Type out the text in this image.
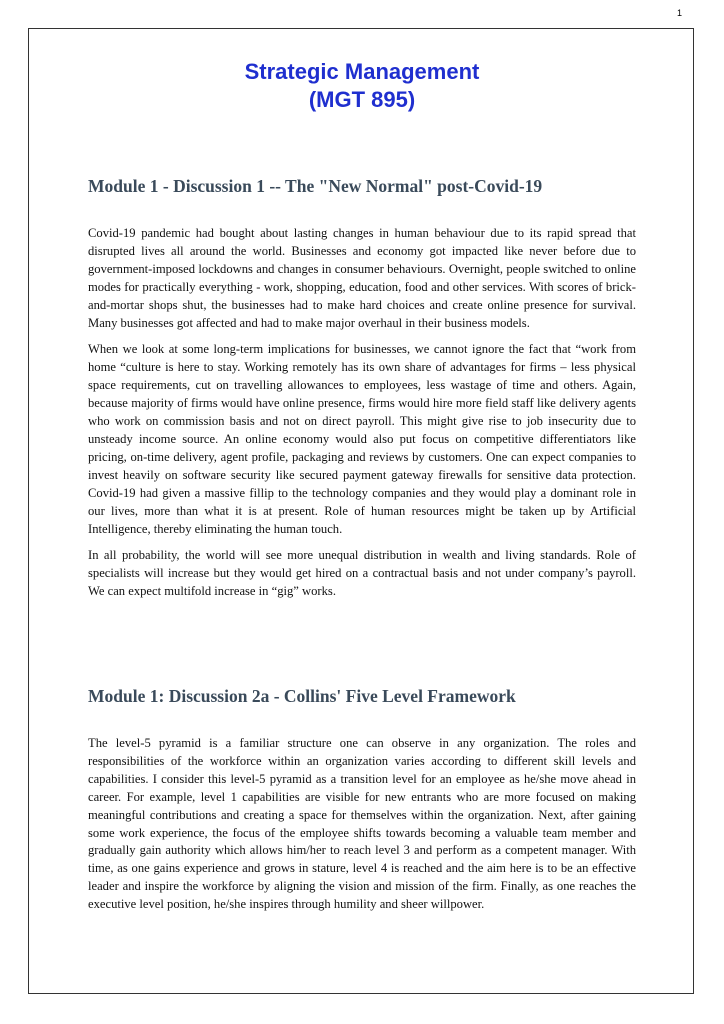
1
Strategic Management
(MGT 895)
Module 1 - Discussion 1 -- The "New Normal" post-Covid-19

Covid-19 pandemic had bought about lasting changes in human behaviour due to its rapid spread that disrupted lives all around the world. Businesses and economy got impacted like never before due to government-imposed lockdowns and changes in consumer behaviours. Overnight, people switched to online modes for practically everything - work, shopping, education, food and other services. With scores of brick-and-mortar shops shut, the businesses had to make hard choices and create online presence for survival. Many businesses got affected and had to make major overhaul in their business models.

When we look at some long-term implications for businesses, we cannot ignore the fact that “work from home “culture is here to stay. Working remotely has its own share of advantages for firms – less physical space requirements, cut on travelling allowances to employees, less wastage of time and others. Again, because majority of firms would have online presence, firms would hire more field staff like delivery agents who work on commission basis and not on direct payroll. This might give rise to job insecurity due to unsteady income source. An online economy would also put focus on competitive differentiators like pricing, on-time delivery, agent profile, packaging and reviews by customers. One can expect companies to invest heavily on software security like secured payment gateway firewalls for sensitive data protection. Covid-19 had given a massive fillip to the technology companies and they would play a dominant role in our lives, more than what it is at present. Role of human resources might be taken up by Artificial Intelligence, thereby eliminating the human touch.

In all probability, the world will see more unequal distribution in wealth and living standards. Role of specialists will increase but they would get hired on a contractual basis and not under company’s payroll. We can expect multifold increase in “gig” works.

Module 1: Discussion 2a - Collins' Five Level Framework

The level-5 pyramid is a familiar structure one can observe in any organization. The roles and responsibilities of the workforce within an organization varies according to different skill levels and capabilities. I consider this level-5 pyramid as a transition level for an employee as he/she move ahead in career. For example, level 1 capabilities are visible for new entrants who are more focused on making meaningful contributions and creating a space for themselves within the organization. Next, after gaining some work experience, the focus of the employee shifts towards becoming a valuable team member and gradually gain authority which allows him/her to reach level 3 and perform as a competent manager. With time, as one gains experience and grows in stature, level 4 is reached and the aim here is to be an effective leader and inspire the workforce by aligning the vision and mission of the firm. Finally, as one reaches the executive level position, he/she inspires through humility and sheer willpower.
